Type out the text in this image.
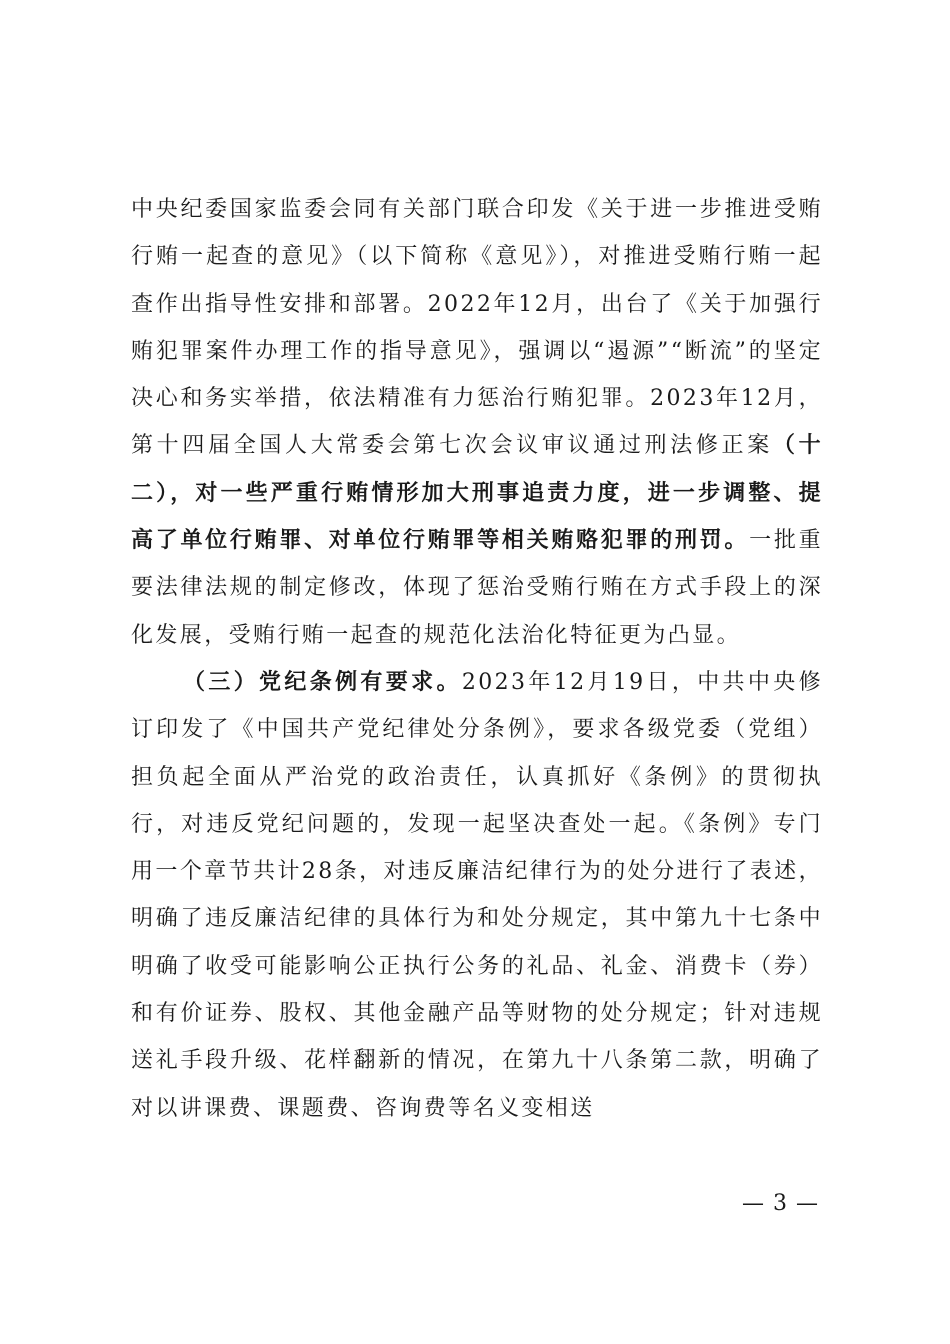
中央纪委国家监委会同有关部门联合印发《关于进一步推进受贿行贿一起查的意见》（以下简称《意见》），对推进受贿行贿一起查作出指导性安排和部署。2022年12月，出台了《关于加强行贿犯罪案件办理工作的指导意见》，强调以“遏源”“断流”的坚定决心和务实举措，依法精准有力惩治行贿犯罪。2023年12月，第十四届全国人大常委会第七次会议审议通过刑法修正案（十二），对一些严重行贿情形加大刑事追责力度，进一步调整、提高了单位行贿罪、对单位行贿罪等相关贿赂犯罪的刑罚。一批重要法律法规的制定修改，体现了惩治受贿行贿在方式手段上的深化发展，受贿行贿一起查的规范化法治化特征更为凸显。

（三）党纪条例有要求。2023年12月19日，中共中央修订印发了《中国共产党纪律处分条例》，要求各级党委（党组）担负起全面从严治党的政治责任，认真抓好《条例》的贯彻执行，对违反党纪问题的，发现一起坚决查处一起。《条例》专门用一个章节共计28条，对违反廉洁纪律行为的处分进行了表述，明确了违反廉洁纪律的具体行为和处分规定，其中第九十七条中明确了收受可能影响公正执行公务的礼品、礼金、消费卡（券）和有价证券、股权、其他金融产品等财物的处分规定；针对违规送礼手段升级、花样翻新的情况，在第九十八条第二款，明确了对以讲课费、课题费、咨询费等名义变相送

— 3 —
